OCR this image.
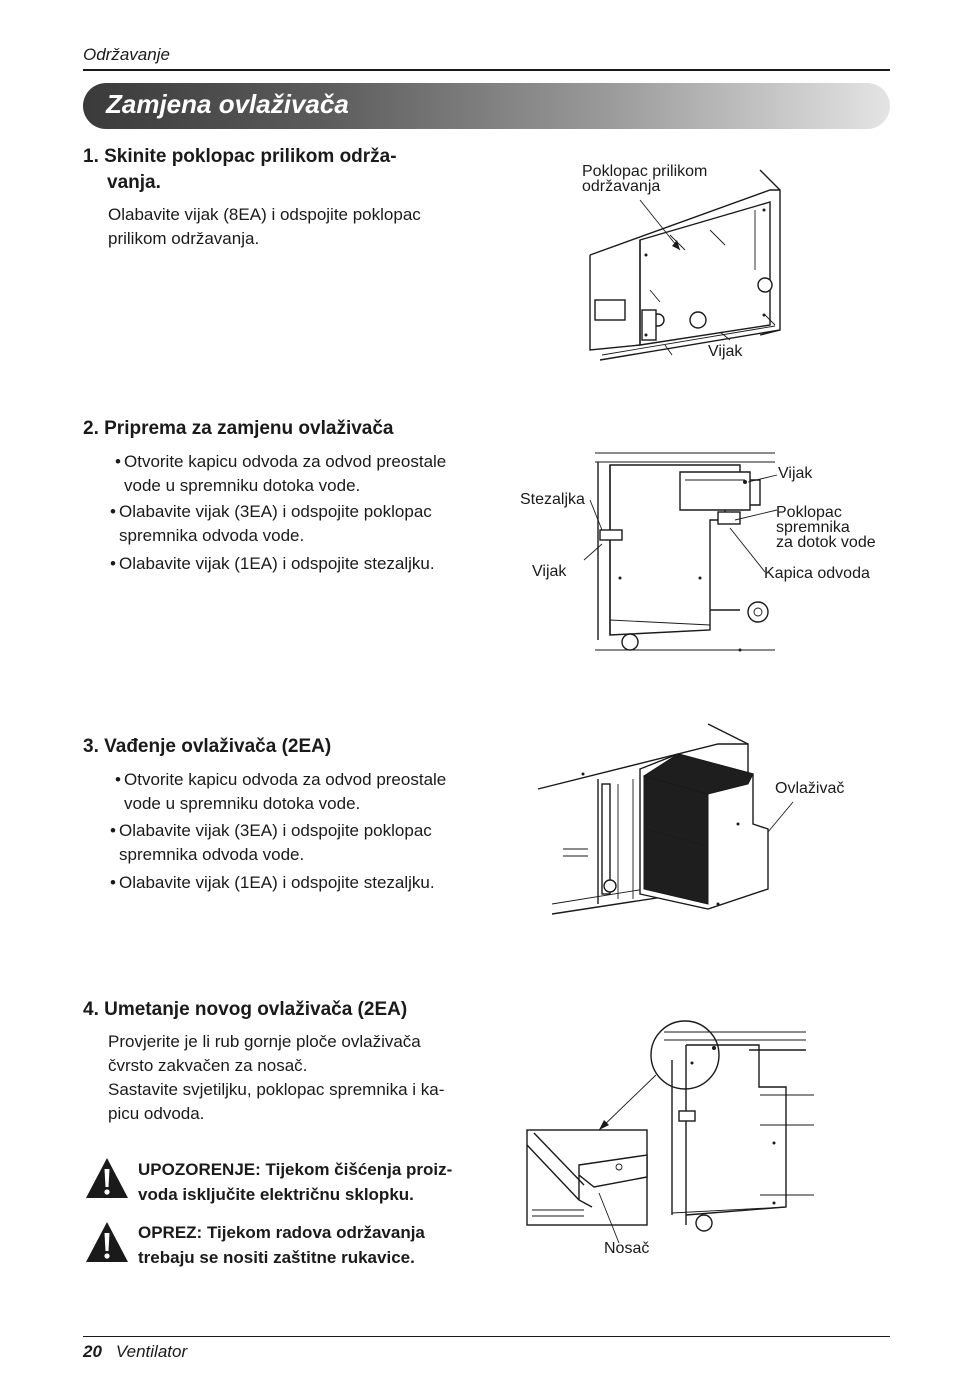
Održavanje
Zamjena ovlaživača
1. Skinite poklopac prilikom održa-
vanja.
Olabavite vijak (8EA) i odspojite poklopac
prilikom održavanja.
Poklopac prilikom
održavanja
Vijak
2. Priprema za zamjenu ovlaživača
• Otvorite kapicu odvoda za odvod preostale
vode u spremniku dotoka vode.
• Olabavite vijak (3EA) i odspojite poklopac
spremnika odvoda vode.
• Olabavite vijak (1EA) i odspojite stezaljku.
Stezaljka
Vijak
Vijak
Poklopac
spremnika
za dotok vode
Kapica odvoda
3. Vađenje ovlaživača (2EA)
• Otvorite kapicu odvoda za odvod preostale
vode u spremniku dotoka vode.
• Olabavite vijak (3EA) i odspojite poklopac
spremnika odvoda vode.
• Olabavite vijak (1EA) i odspojite stezaljku.
Ovlaživač
4. Umetanje novog ovlaživača (2EA)
Provjerite je li rub gornje ploče ovlaživača
čvrsto zakvačen za nosač.
Sastavite svjetiljku, poklopac spremnika i ka-
picu odvoda.
Nosač
UPOZORENJE: Tijekom čišćenja proiz-
voda isključite električnu sklopku.
OPREZ: Tijekom radova održavanja
trebaju se nositi zaštitne rukavice.
20 Ventilator
